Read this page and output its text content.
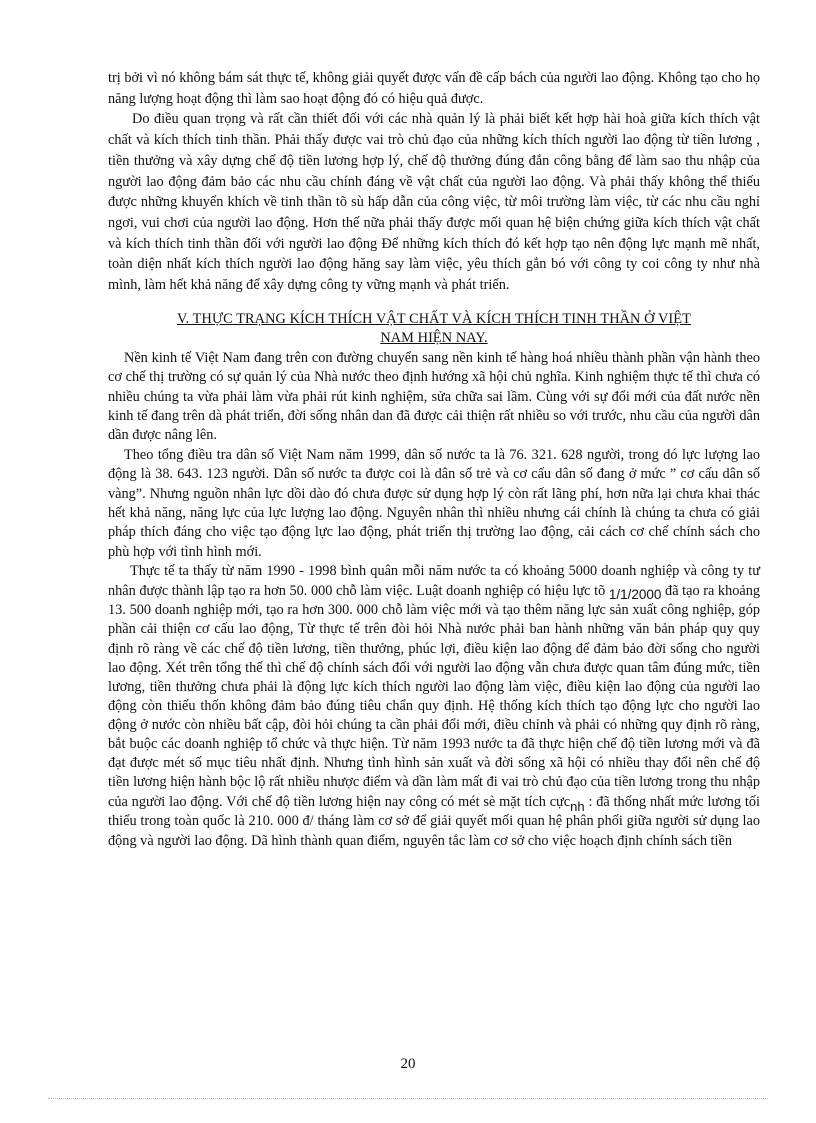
trị bởi vì nó không bám sát thực tế, không giải quyết được vấn đề cấp bách của người lao động. Không tạo cho họ năng lượng hoạt động thì làm sao hoạt động đó có hiệu quả được.

Do điều quan trọng và rất cần thiết đối với các nhà quản lý là phải biết kết hợp hài hoà giữa kích thích vật chất và kích thích tinh thần. Phải thấy được vai trò chủ đạo của những kích thích người lao động từ tiền lương , tiền thưởng và xây dựng chế độ tiền lương hợp lý, chế độ thưởng đúng đắn công bằng để làm sao thu nhập của người lao động đảm bảo các nhu cầu chính đáng về vật chất của người lao động. Và phải thấy không thể thiếu được những khuyến khích về tinh thần tõ sù hấp dẫn của công việc, từ môi trường làm việc, từ các nhu cầu nghỉ ngơi, vui chơi của người lao động. Hơn thế nữa phải thấy được mối quan hệ biện chứng giữa kích thích vật chất và kích thích tinh thần đối với người lao động Để những kích thích đó kết hợp tạo nên động lực mạnh mẽ nhất, toàn diện nhất kích thích người lao động hăng say làm việc, yêu thích gắn bó với công ty coi công ty như nhà mình, làm hết khả năng để xây dựng công ty vững mạnh và phát triển.

V. THỰC TRẠNG KÍCH THÍCH VẬT CHẤT VÀ KÍCH THÍCH TINH THẦN Ở VIỆT
NAM HIỆN NAY.

Nền kinh tế Việt Nam đang trên con đường chuyển sang nền kinh tế hàng hoá nhiều thành phần vận hành theo cơ chế thị trường có sự quản lý của Nhà nước theo định hướng xã hội chủ nghĩa. Kinh nghiệm thực tế thì chưa có nhiều chúng ta vừa phải làm vừa phải rút kinh nghiệm, sửa chữa sai lầm. Cùng với sự đổi mới của đất nước nền kinh tế đang trên dà phát triển, đời sống nhân dan đã được cải thiện rất nhiều so với trước, nhu cầu của người dân dần được nâng lên.

Theo tổng điều tra dân số Việt Nam năm 1999, dân số nước ta là 76. 321. 628 người, trong dó lực lượng lao động là 38. 643. 123 người. Dân số nước ta được coi là dân số trẻ và cơ cấu dân số đang ở mức ” cơ cấu dân số vàng”. Nhưng nguồn nhân lực dồi dào đó chưa được sử dụng hợp lý còn rất lãng phí, hơn nữa lại chưa khai thác hết khả năng, năng lực của lực lượng lao động. Nguyên nhân thì nhiều nhưng cái chính là chúng ta chưa có giải pháp thích đáng cho việc tạo động lực lao động, phát triển thị trường lao động, cải cách cơ chế chính sách cho phù hợp với tình hình mới.

Thực tế ta thấy từ năm 1990 - 1998 bình quân mỗi năm nước ta có khoảng 5000 doanh nghiệp và công ty tư nhân được thành lập tạo ra hơn 50. 000 chỗ làm việc. Luật doanh nghiệp có hiệu lực tõ 1/1/2000 đã tạo ra khoảng 13. 500 doanh nghiệp mới, tạo ra hơn 300. 000 chỗ làm việc mới và tạo thêm năng lực sản xuất công nghiệp, góp phần cải thiện cơ cấu lao động, Từ thực tế trên đòi hỏi Nhà nước phải ban hành những văn bản pháp quy quy định rõ ràng về các chế độ tiền lương, tiền thưởng, phúc lợi, điều kiện lao động để đảm bảo đời sống cho người lao động. Xét trên tổng thể thì chế độ chính sách đối với người lao động vẫn chưa được quan tâm đúng mức, tiền lương, tiền thưởng chưa phải là động lực kích thích người lao động làm việc, điều kiện lao động của người lao động còn thiếu thốn không đảm bảo đúng tiêu chẩn quy định. Hệ thống kích thích tạo động lực cho người lao động ở nước còn nhiều bất cập, đòi hỏi chúng ta cần phải đổi mới, điều chỉnh và phải có những quy định rõ ràng, bắt buộc các doanh nghiệp tổ chức và thực hiện. Từ năm 1993 nước ta đã thực hiện chế độ tiền lương mới và đã đạt được mét số mục tiêu nhất định. Nhưng tình hình sản xuất và đời sống xã hội có nhiều thay đổi nên chế độ tiền lương hiện hành bộc lộ rất nhiều nhược điểm và dần làm mất đi vai trò chủ đạo của tiền lương trong thu nhập của người lao động. Với chế độ tiền lương hiện nay công có mét sè mặt tích cựcnh : đã thống nhất mức lương tối thiểu trong toàn quốc là 210. 000 đ/ tháng làm cơ sở để giải quyết mối quan hệ phân phối giữa người sử dụng lao động và người lao động. Dã hình thành quan điểm, nguyên tắc làm cơ sở cho việc hoạch định chính sách tiền

20
